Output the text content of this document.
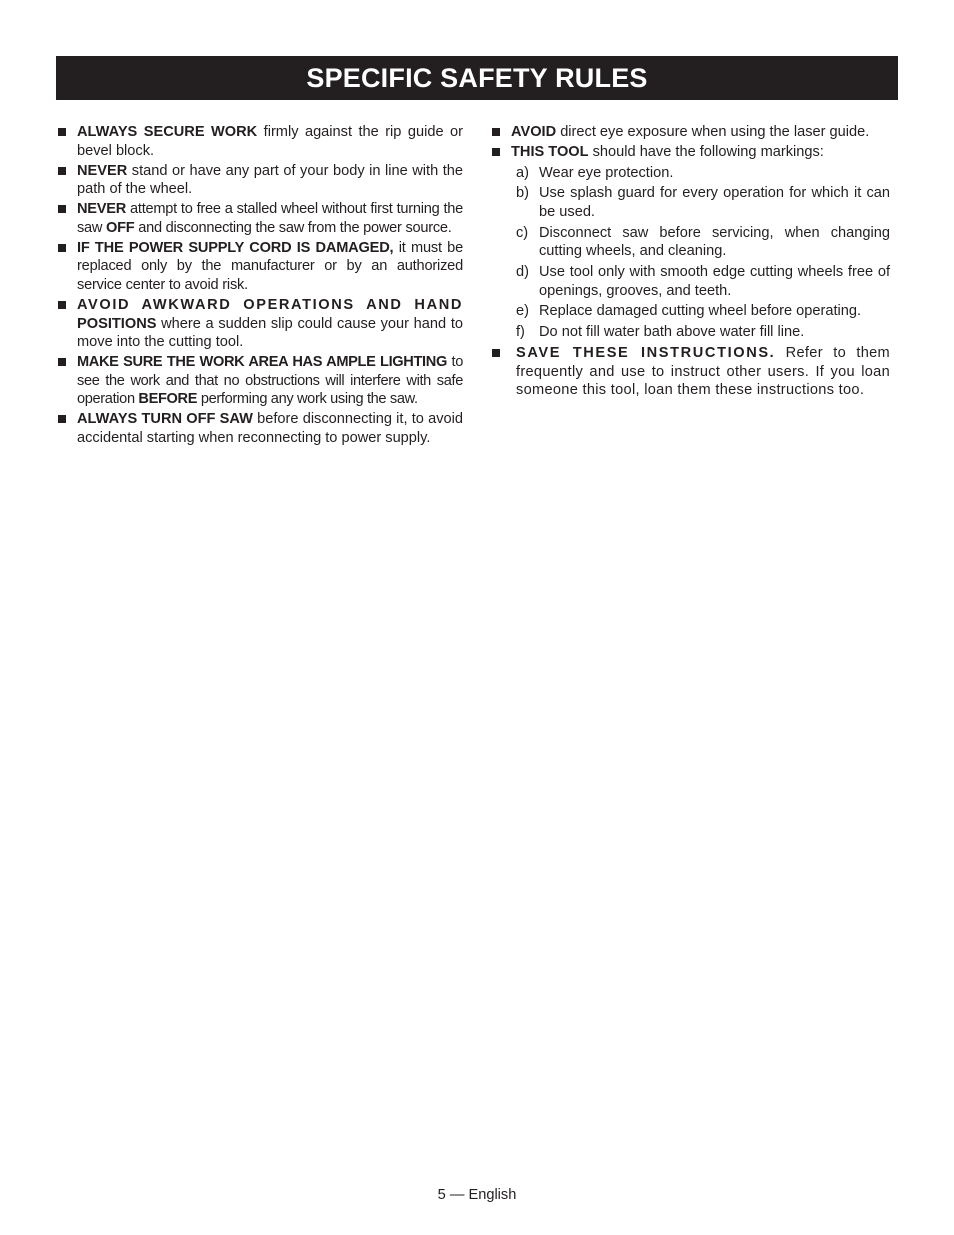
SPECIFIC SAFETY RULES
ALWAYS SECURE WORK firmly against the rip guide or bevel block.
NEVER stand or have any part of your body in line with the path of the wheel.
NEVER attempt to free a stalled wheel without first turning the saw OFF and disconnecting the saw from the power source.
IF THE POWER SUPPLY CORD IS DAMAGED, it must be replaced only by the manufacturer or by an authorized service center to avoid risk.
AVOID AWKWARD OPERATIONS AND HAND POSITIONS where a sudden slip could cause your hand to move into the cutting tool.
MAKE SURE THE WORK AREA HAS AMPLE LIGHTING to see the work and that no obstructions will interfere with safe operation BEFORE performing any work using the saw.
ALWAYS TURN OFF SAW before disconnecting it, to avoid accidental starting when reconnecting to power supply.
AVOID direct eye exposure when using the laser guide.
THIS TOOL should have the following markings:
a) Wear eye protection.
b) Use splash guard for every operation for which it can be used.
c) Disconnect saw before servicing, when changing cutting wheels, and cleaning.
d) Use tool only with smooth edge cutting wheels free of openings, grooves, and teeth.
e) Replace damaged cutting wheel before operating.
f) Do not fill water bath above water fill line.
SAVE THESE INSTRUCTIONS. Refer to them frequently and use to instruct other users. If you loan someone this tool, loan them these instructions too.
5 — English
